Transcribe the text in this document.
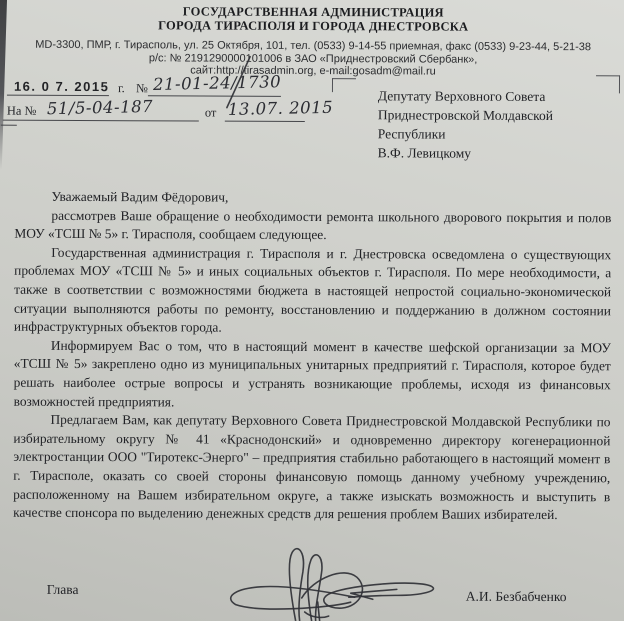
ГОСУДАРСТВЕННАЯ АДМИНИСТРАЦИЯ
ГОРОДА ТИРАСПОЛЯ И ГОРОДА ДНЕСТРОВСКА
MD-3300, ПМР, г. Тирасполь, ул. 25 Октября, 101, тел. (0533) 9-14-55 приемная, факс (0533) 9-23-44, 5-21-38
р/с: № 2191290000101006 в ЗАО «Приднестровский Сбербанк»,
сайт:http://tirasadmin.org, e-mail:gosadm@mail.ru
16. 0 7. 2015 г. № 21-01-24/1730
На № 51/5-04-187	от 13.07. 2015
Депутату Верховного Совета
Приднестровской Молдавской
Республики
В.Ф. Левицкому

Уважаемый Вадим Фёдорович,

рассмотрев Ваше обращение о необходимости ремонта школьного дворового покрытия и полов МОУ «ТСШ № 5» г. Тирасполя, сообщаем следующее.

Государственная администрация г. Тирасполя и г. Днестровска осведомлена о существующих проблемах МОУ «ТСШ № 5» и иных социальных объектов г. Тирасполя. По мере необходимости, а также в соответствии с возможностями бюджета в настоящей непростой социально-экономической ситуации выполняются работы по ремонту, восстановлению и поддержанию в должном состоянии инфраструктурных объектов города.

Информируем Вас о том, что в настоящий момент в качестве шефской организации за МОУ «ТСШ № 5» закреплено одно из муниципальных унитарных предприятий г. Тирасполя, которое будет решать наиболее острые вопросы и устранять возникающие проблемы, исходя из финансовых возможностей предприятия.

Предлагаем Вам, как депутату Верховного Совета Приднестровской Молдавской Республики по избирательному округу № 41 «Краснодонский» и одновременно директору когенерационной электростанции ООО "Тиротекс-Энерго" – предприятия стабильно работающего в настоящий момент в г. Тирасполе, оказать со своей стороны финансовую помощь данному учебному учреждению, расположенному на Вашем избирательном округе, а также изыскать возможность и выступить в качестве спонсора по выделению денежных средств для решения проблем Ваших избирателей.

Глава	А.И. Безбабченко
